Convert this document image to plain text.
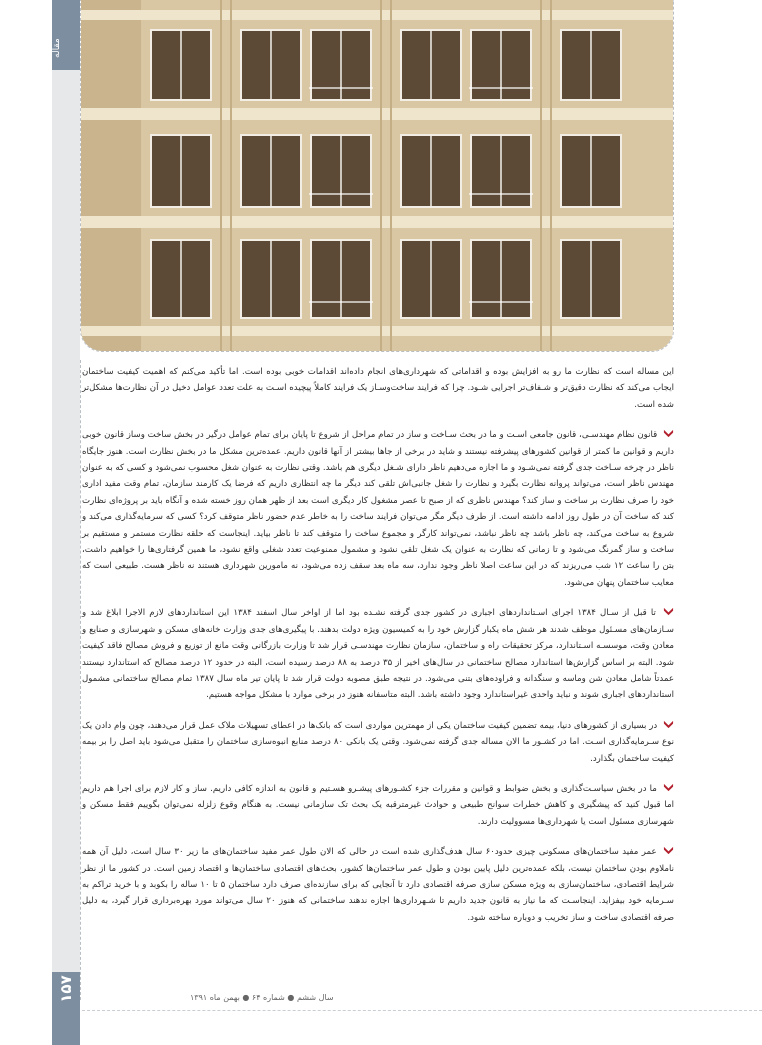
مقاله

این مساله است که نظارت ما رو به افزایش بوده و اقداماتی که شهرداری‌های انجام داده‌اند اقدامات خوبی بوده است. اما تأکید می‌کنم که اهمیت کیفیت ساختمان ایجاب می‌کند که نظارت دقیق‌تر و شـفاف‌تر اجرایی شـود. چرا که فرایند ساخت‌وسـاز یک فرایند کاملاً پیچیده اسـت به علت تعدد عوامل دخیل در آن نظارت‌ها مشکل‌تر شده است.

قانون نظام مهندسـی، قانون جامعی اسـت و ما در بحث سـاخت و ساز در تمام مراحل از شروع تا پایان برای تمام عوامل درگیر در بخش ساخت وساز قانون خوبی داریم و قوانین ما کمتر از قوانین کشورهای پیشرفته نیستند و شاید در برخی از جاها بیشتر از آنها قانون داریم. عمده‌ترین مشکل ما در بخش نظارت است. هنوز جایگاه ناظر در چرخه سـاخت جدی گرفته نمی‌شـود و ما اجازه می‌دهیم ناظر دارای شـغل دیگری هم باشد. وقتی نظارت به عنوان شغل محسوب نمی‌شود و کسی که به عنوان مهندس ناظر است، می‌تواند پروانه نظارت بگیرد و نظارت را شغل جانبی‌اش تلقی کند دیگر ما چه انتظاری داریم که فرضا یک کارمند سازمان، تمام وقت مفید اداری خود را صرف نظارت بر ساخت و ساز کند؟ مهندس ناظری که از صبح تا عصر مشغول کار دیگری است بعد از ظهر همان روز خسته شده و آنگاه باید بر پروژه‌ای نظارت کند که ساخت آن در طول روز ادامه داشته است. از طرف دیگر مگر می‌توان فرایند ساخت را به خاطر عدم حضور ناظر متوقف کرد؟ کسی که سرمایه‌گذاری می‌کند و شروع به ساخت می‌کند، چه ناظر باشد چه ناظر نباشد، نمی‌تواند کارگر و مجموع ساخت را متوقف کند تا ناظر بیاید. اینجاست که حلقه نظارت مستمر و مستقیم بر ساخت و ساز گمرنگ می‌شود و تا زمانی که نظارت به عنوان یک شغل تلقی نشود و مشمول ممنوعیت تعدد شغلی واقع نشود، ما همین گرفتاری‌ها را خواهیم داشت، بتن را ساعت ۱۲ شب می‌ریزند که در این ساعت اصلا ناظر وجود ندارد، سه ماه بعد سقف زده می‌شود، نه مامورین شهرداری هستند نه ناظر هست. طبیعی است که معایب ساختمان پنهان می‌شود.

تا قبل از سـال ۱۳۸۴ اجرای اسـتانداردهای اجباری در کشور جدی گرفته نشـده بود اما از اواخر سال اسفند ۱۳۸۴ این استانداردهای لازم الاجرا ابلاغ شد و سـازمان‌های مسـئول موظف شدند هر شش ماه یکبار گزارش خود را به کمیسیون ویژه دولت بدهند. با پیگیری‌های جدی وزارت خانه‌های مسکن و شهرسازی و صنایع و معادن وقت، موسسـه اسـتاندارد، مرکز تحقیقات راه و ساختمان، سازمان نظارت مهندسـی قرار شد تا وزارت بازرگانی وقت مانع از توزیع و فروش مصالح فاقد کیفیت شود. البته بر اساس گزارش‌ها استاندارد مصالح ساختمانی در سال‌های اخیر از ۳۵ درصد به ۸۸ درصد رسیده است، البته در حدود ۱۲ درصد مصالح که استاندارد نیستند عمدتاً شامل معادن شن وماسه و سنگدانه و فراوده‌های بتنی می‌شود. در نتیجه طبق مصوبه دولت قرار شد تا پایان تیر ماه سال ۱۳۸۷ تمام مصالح ساختمانی مشمول استانداردهای اجباری شوند و نباید واحدی غیراستاندارد وجود داشته باشد. البته متاسفانه هنوز در برخی موارد با مشکل مواجه هستیم.

در بسیاری از کشورهای دنیا، بیمه تضمین کیفیت ساختمان یکی از مهمترین مواردی است که بانک‌ها در اعطای تسهیلات ملاک عمل قرار می‌دهند، چون وام دادن یک نوع سـرمایه‌گذاری اسـت. اما در کشـور ما الان مساله جدی گرفته نمی‌شود. وقتی یک بانکی ۸۰ درصد منابع انبوه‌سازی ساختمان را متقبل می‌شود باید اصل را بر بیمه کیفیت ساختمان بگذارد.

ما در بخش سیاسـت‌گذاری و بخش ضوابط و قوانین و مقررات جزء کشـورهای پیشـرو هسـتیم و قانون به اندازه کافی داریم. ساز و کار لازم برای اجرا هم داریم اما قبول کنید که پیشگیری و کاهش خطرات سوانح طبیعی و حوادث غیرمترقبه یک بحث تک سازمانی نیست. به هنگام وقوع زلزله نمی‌توان بگوییم فقط مسکن و شهرسازی مسئول است یا شهرداری‌ها مسوولیت دارند.

عمر مفید ساختمان‌های مسکونی چیزی حدود۶۰ سال هدف‌گذاری شده است در حالی که الان طول عمر مفید ساختمان‌های ما زیر ۳۰ سال است، دلیل آن همه ناملاوم بودن ساختمان نیست، بلکه عمده‌ترین دلیل پایین بودن و طول عمر ساختمان‌ها کشور، بحث‌های اقتصادی ساختمان‌ها و اقتصاد زمین است. در کشور ما از نظر شرایط اقتصادی، ساختمان‌سازی به ویژه مسکن سازی صرفه اقتصادی دارد تا آنجایی که برای سازنده‌ای صرف دارد ساختمان ۵ تا ۱۰ ساله را بکوبد و با خرید تراکم به سـرمایه خود بیفزاید. اینجاسـت که ما نیاز به قانون جدید داریم تا شـهرداری‌ها اجازه ندهند ساختمانی که هنوز ۲۰ سال می‌تواند مورد بهره‌برداری قرار گیرد، به دلیل صرفه اقتصادی ساخت و ساز تخریب و دوباره ساخته شود.

۱۵۷	سال ششم ● شماره ۶۴ ● بهمن ماه ۱۳۹۱
